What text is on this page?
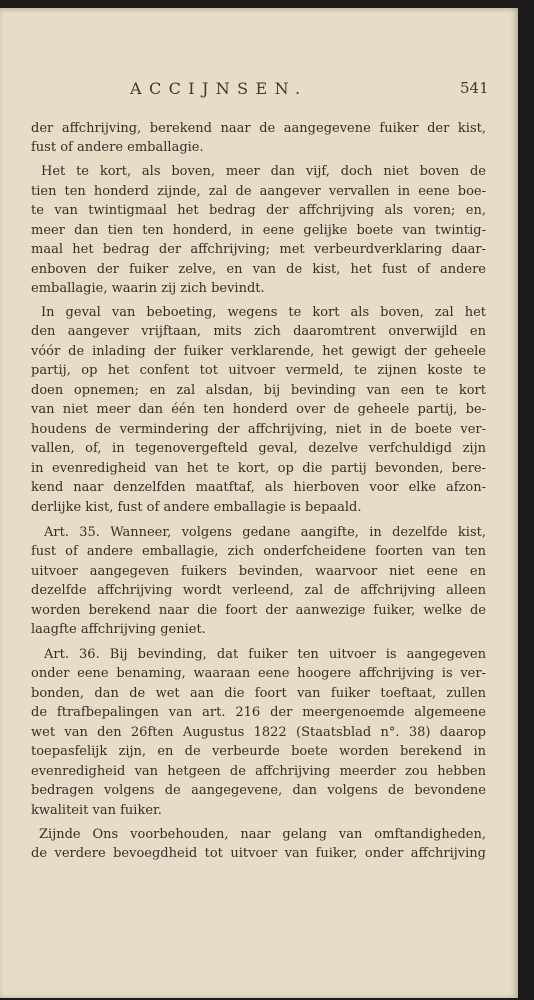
ACCIJNSEN.	541
der affchrijving, berekend naar de aangegevene fuiker der kist,
fust of andere emballagie.
Het te kort, als boven, meer dan vijf, doch niet boven de
tien ten honderd zijnde, zal de aangever vervallen in eene boe-
te van twintigmaal het bedrag der affchrijving als voren; en,
meer dan tien ten honderd, in eene gelijke boete van twintig-
maal het bedrag der affchrijving; met verbeurdverklaring daar-
enboven der fuiker zelve, en van de kist, het fust of andere
emballagie, waarin zij zich bevindt.
In geval van beboeting, wegens te kort als boven, zal het
den aangever vrijftaan, mits zich daaromtrent onverwijld en
vóór de inlading der fuiker verklarende, het gewigt der geheele
partij, op het confent tot uitvoer vermeld, te zijnen koste te
doen opnemen; en zal alsdan, bij bevinding van een te kort
van niet meer dan één ten honderd over de geheele partij, be-
houdens de vermindering der affchrijving, niet in de boete ver-
vallen, of, in tegenovergefteld geval, dezelve verfchuldigd zijn
in evenredigheid van het te kort, op die partij bevonden, bere-
kend naar denzelfden maatftaf, als hierboven voor elke afzon-
derlijke kist, fust of andere emballagie is bepaald.
Art. 35. Wanneer, volgens gedane aangifte, in dezelfde kist,
fust of andere emballagie, zich onderfcheidene foorten van ten
uitvoer aangegeven fuikers bevinden, waarvoor niet eene en
dezelfde affchrijving wordt verleend, zal de affchrijving alleen
worden berekend naar die foort der aanwezige fuiker, welke de
laagfte affchrijving geniet.
Art. 36. Bij bevinding, dat fuiker ten uitvoer is aangegeven
onder eene benaming, waaraan eene hoogere affchrijving is ver-
bonden, dan de wet aan die foort van fuiker toeftaat, zullen
de ftrafbepalingen van art. 216 der meergenoemde algemeene
wet van den 26ften Augustus 1822 (Staatsblad n°. 38) daarop
toepasfelijk zijn, en de verbeurde boete worden berekend in
evenredigheid van hetgeen de affchrijving meerder zou hebben
bedragen volgens de aangegevene, dan volgens de bevondene
kwaliteit van fuiker.
Zijnde Ons voorbehouden, naar gelang van omftandigheden,
de verdere bevoegdheid tot uitvoer van fuiker, onder affchrijving
